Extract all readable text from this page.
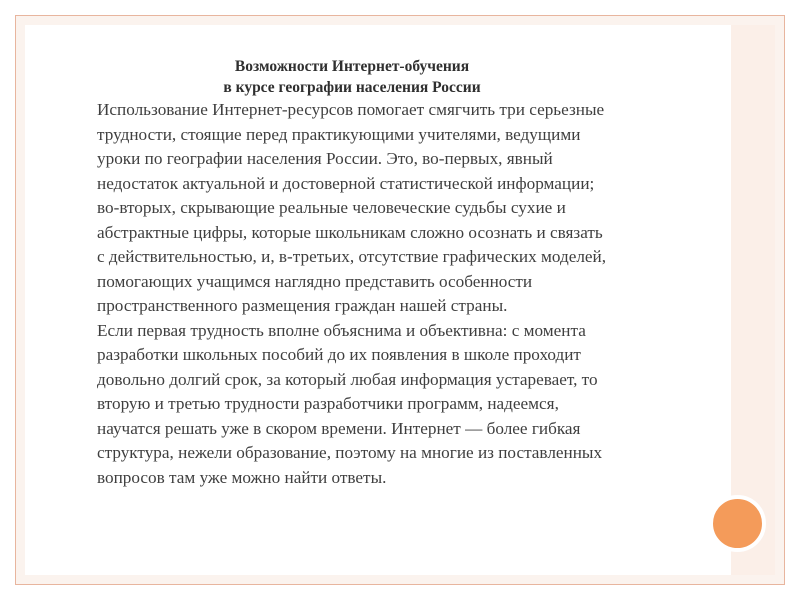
Возможности Интернет-обучения

в курсе географии населения России

Использование Интернет-ресурсов помогает смягчить три серьезные
трудности, стоящие перед практикующими учителями, ведущими
уроки по географии населения России. Это, во-первых, явный
недостаток актуальной и достоверной статистической информации;
во-вторых, скрывающие реальные человеческие судьбы сухие и
абстрактные цифры, которые школьникам сложно осознать и связать
с действительностью, и, в-третьих, отсутствие графических моделей,
помогающих учащимся наглядно представить особенности
пространственного размещения граждан нашей страны.

Если первая трудность вполне объяснима и объективна: с момента
разработки школьных пособий до их появления в школе проходит
довольно долгий срок, за который любая информация устаревает, то
вторую и третью трудности разработчики программ, надеемся,
научатся решать уже в скором времени. Интернет — более гибкая
структура, нежели образование, поэтому на многие из поставленных
вопросов там уже можно найти ответы.
